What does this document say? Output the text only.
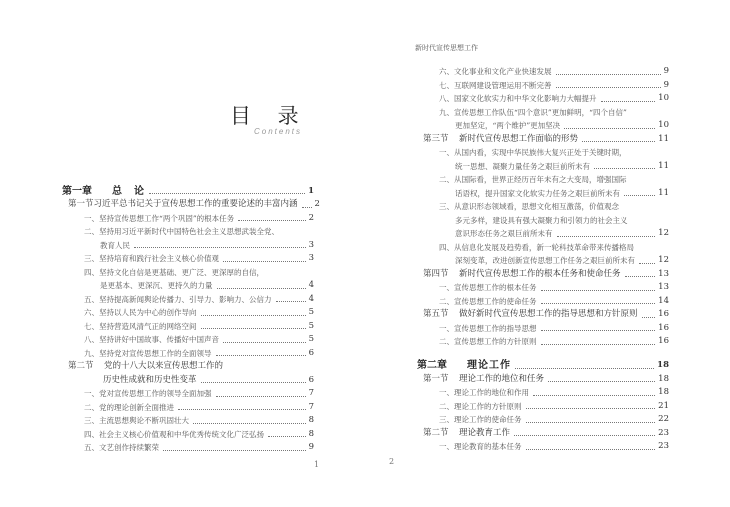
目 录
Contents
新时代宣传思想工作
第一章	总　论	1
第一节 习近平总书记关于宣传思想工作的重要论述的丰富内涵 2
一、坚持宣传思想工作“两个巩固”的根本任务	2
二、坚持用习近平新时代中国特色社会主义思想武装全党、
教育人民	3
三、坚持培育和践行社会主义核心价值观	3
四、坚持文化自信是更基础、更广泛、更深厚的自信，
是更基本、更深沉、更持久的力量	4
五、坚持提高新闻舆论传播力、引导力、影响力、公信力	4
六、坚持以人民为中心的创作导向	5
七、坚持营造风清气正的网络空间	5
八、坚持讲好中国故事、传播好中国声音	5
九、坚持党对宣传思想工作的全面领导	6
第二节	党的十八大以来宣传思想工作的
历史性成就和历史性变革	6
一、党对宣传思想工作的领导全面加强	7
二、党的理论创新全面推进	7
三、主流思想舆论不断巩固壮大	8
四、社会主义核心价值观和中华优秀传统文化广泛弘扬	8
五、文艺创作持续繁荣	9
六、文化事业和文化产业快速发展	9
七、互联网建设管理运用不断完善	9
八、国家文化软实力和中华文化影响力大幅提升	10
九、宣传思想工作队伍“四个意识”更加鲜明，“四个自信”
更加坚定，“两个维护”更加坚决	10
第三节	新时代宣传思想工作面临的形势	11
一、从国内看，实现中华民族伟大复兴正处于关键时期，
统一思想、凝聚力量任务之艰巨前所未有	11
二、从国际看，世界正经历百年未有之大变局，增强国际
话语权，提升国家文化软实力任务之艰巨前所未有	11
三、从意识形态领域看，思想文化相互激荡，价值观念
多元多样，建设具有强大凝聚力和引领力的社会主义
意识形态任务之艰巨前所未有	12
四、从信息化发展及趋势看，新一轮科技革命带来传播格局
深刻变革，改进创新宣传思想工作任务之艰巨前所未有	12
第四节	新时代宣传思想工作的根本任务和使命任务	13
一、宣传思想工作的根本任务	13
二、宣传思想工作的使命任务	14
第五节	做好新时代宣传思想工作的指导思想和方针原则 16
一、宣传思想工作的指导思想	16
二、宣传思想工作的方针原则	16
第二章	理论工作	18
第一节	理论工作的地位和任务	18
一、理论工作的地位和作用	18
二、理论工作的方针原则	21
三、理论工作的使命任务	22
第二节	理论教育工作	23
一、理论教育的基本任务	23
1	2
